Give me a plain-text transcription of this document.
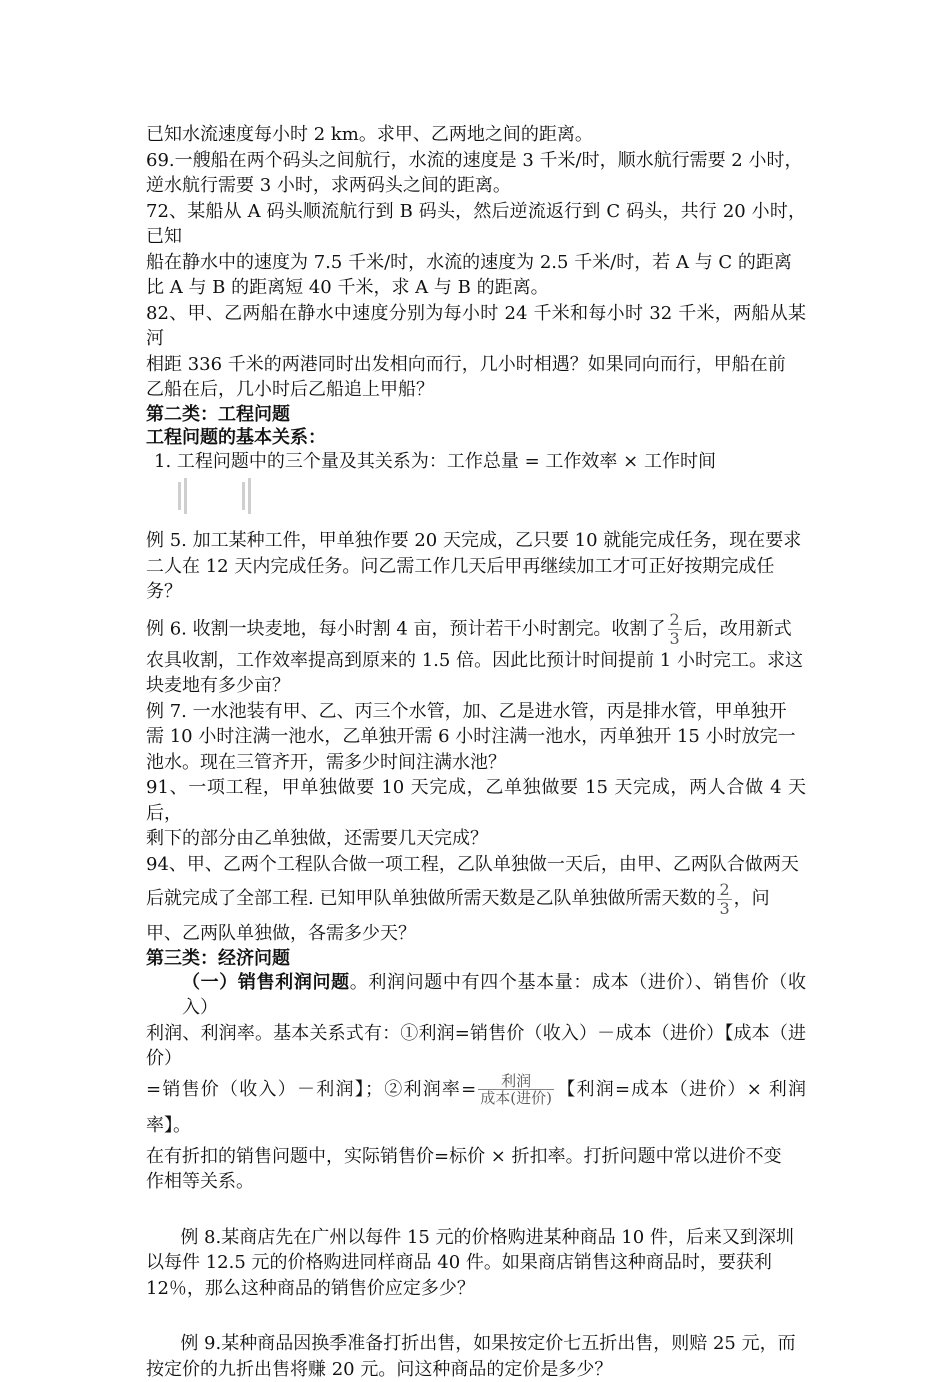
已知水流速度每小时 2 km。求甲、乙两地之间的距离。

69.一艘船在两个码头之间航行，水流的速度是 3 千米/时，顺水航行需要 2 小时，

逆水航行需要 3 小时，求两码头之间的距离。

72、某船从 A 码头顺流航行到 B 码头，然后逆流返行到 C 码头，共行 20 小时，已知

船在静水中的速度为 7.5 千米/时，水流的速度为 2.5 千米/时，若 A 与 C 的距离

比 A 与 B 的距离短 40 千米，求 A 与 B 的距离。

82、甲、乙两船在静水中速度分别为每小时 24 千米和每小时 32 千米，两船从某河

相距 336 千米的两港同时出发相向而行，几小时相遇？如果同向而行，甲船在前

乙船在后，几小时后乙船追上甲船？

第二类：工程问题

工程问题的基本关系：

1. 工程问题中的三个量及其关系为：工作总量 = 工作效率 × 工作时间

例 5. 加工某种工件，甲单独作要 20 天完成，乙只要 10 就能完成任务，现在要求

二人在 12 天内完成任务。问乙需工作几天后甲再继续加工才可正好按期完成任

务？

例 6. 收割一块麦地，每小时割 4 亩，预计若干小时割完。收割了 $\frac{2}{3}$ 后，改用新式

农具收割，工作效率提高到原来的 1.5 倍。因此比预计时间提前 1 小时完工。求这

块麦地有多少亩？

例 7. 一水池装有甲、乙、丙三个水管，加、乙是进水管，丙是排水管，甲单独开

需 10 小时注满一池水，乙单独开需 6 小时注满一池水，丙单独开 15 小时放完一

池水。现在三管齐开，需多少时间注满水池？

91、一项工程，甲单独做要 10 天完成，乙单独做要 15 天完成，两人合做 4 天后，

剩下的部分由乙单独做，还需要几天完成？

94、甲、乙两个工程队合做一项工程，乙队单独做一天后，由甲、乙两队合做两天

后就完成了全部工程. 已知甲队单独做所需天数是乙队单独做所需天数的 $\frac{2}{3}$ ，问

甲、乙两队单独做，各需多少天？

第三类：经济问题

（一）销售利润问题。利润问题中有四个基本量：成本（进价）、销售价（收入）

利润、利润率。基本关系式有：①利润=销售价（收入）－成本（进价）【成本（进价）

=销售价（收入）－利润】；②利润率= $\frac{\text{利润}}{\text{成本(进价)}}$ 【利润=成本（进价）× 利润率】。

在有折扣的销售问题中，实际销售价=标价 × 折扣率。打折问题中常以进价不变

作相等关系。

例 8.某商店先在广州以每件 15 元的价格购进某种商品 10 件，后来又到深圳

以每件 12.5 元的价格购进同样商品 40 件。如果商店销售这种商品时，要获利

12％，那么这种商品的销售价应定多少？

例 9.某种商品因换季准备打折出售，如果按定价七五折出售，则赔 25 元，而

按定价的九折出售将赚 20 元。问这种商品的定价是多少？
